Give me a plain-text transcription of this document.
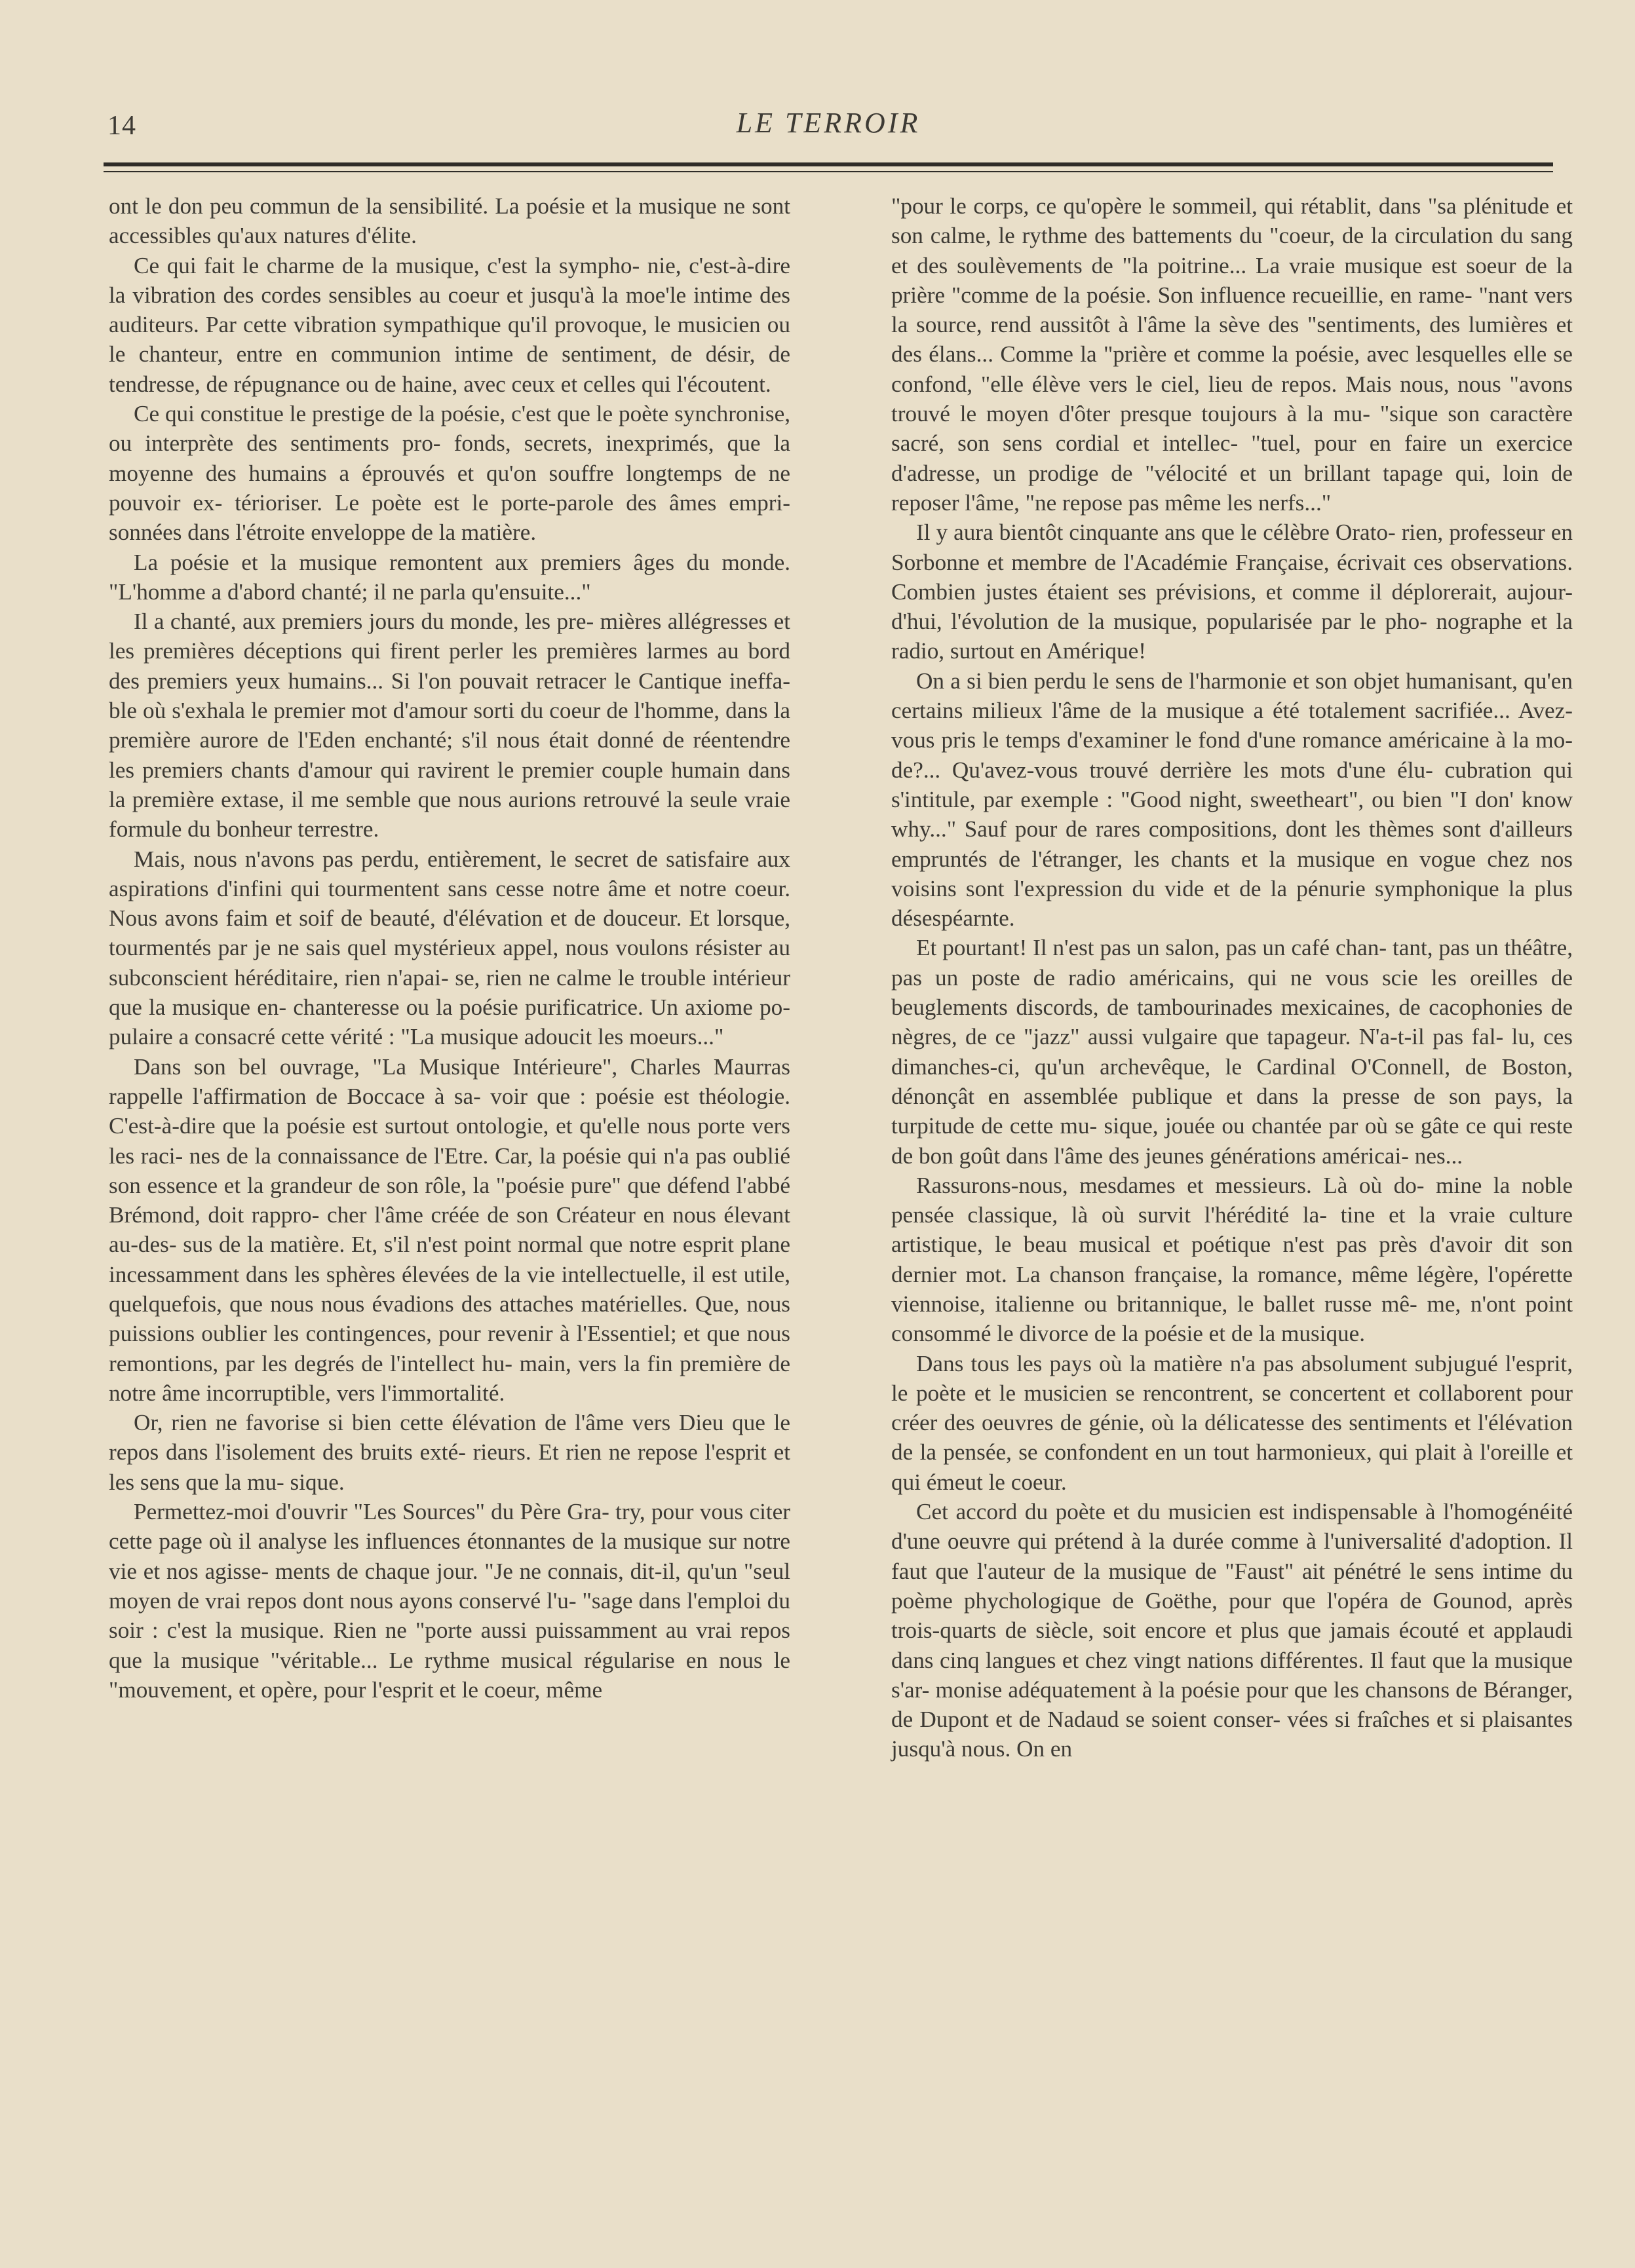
14	LE TERROIR

ont le don peu commun de la sensibilité. La poésie et la musique ne sont accessibles qu'aux natures d'élite.

Ce qui fait le charme de la musique, c'est la sympho- nie, c'est-à-dire la vibration des cordes sensibles au coeur et jusqu'à la moe'le intime des auditeurs. Par cette vibration sympathique qu'il provoque, le musicien ou le chanteur, entre en communion intime de sentiment, de désir, de tendresse, de répugnance ou de haine, avec ceux et celles qui l'écoutent.

Ce qui constitue le prestige de la poésie, c'est que le poète synchronise, ou interprète des sentiments pro- fonds, secrets, inexprimés, que la moyenne des humains a éprouvés et qu'on souffre longtemps de ne pouvoir ex- térioriser. Le poète est le porte-parole des âmes empri- sonnées dans l'étroite enveloppe de la matière.

La poésie et la musique remontent aux premiers âges du monde. "L'homme a d'abord chanté; il ne parla qu'ensuite..."

Il a chanté, aux premiers jours du monde, les pre- mières allégresses et les premières déceptions qui firent perler les premières larmes au bord des premiers yeux humains... Si l'on pouvait retracer le Cantique ineffa- ble où s'exhala le premier mot d'amour sorti du coeur de l'homme, dans la première aurore de l'Eden enchanté; s'il nous était donné de réentendre les premiers chants d'amour qui ravirent le premier couple humain dans la première extase, il me semble que nous aurions retrouvé la seule vraie formule du bonheur terrestre.

Mais, nous n'avons pas perdu, entièrement, le secret de satisfaire aux aspirations d'infini qui tourmentent sans cesse notre âme et notre coeur. Nous avons faim et soif de beauté, d'élévation et de douceur. Et lorsque, tourmentés par je ne sais quel mystérieux appel, nous voulons résister au subconscient héréditaire, rien n'apai- se, rien ne calme le trouble intérieur que la musique en- chanteresse ou la poésie purificatrice. Un axiome po- pulaire a consacré cette vérité : "La musique adoucit les moeurs..."

Dans son bel ouvrage, "La Musique Intérieure", Charles Maurras rappelle l'affirmation de Boccace à sa- voir que : poésie est théologie. C'est-à-dire que la poésie est surtout ontologie, et qu'elle nous porte vers les raci- nes de la connaissance de l'Etre. Car, la poésie qui n'a pas oublié son essence et la grandeur de son rôle, la "poésie pure" que défend l'abbé Brémond, doit rappro- cher l'âme créée de son Créateur en nous élevant au-des- sus de la matière. Et, s'il n'est point normal que notre esprit plane incessamment dans les sphères élevées de la vie intellectuelle, il est utile, quelquefois, que nous nous évadions des attaches matérielles. Que, nous puissions oublier les contingences, pour revenir à l'Essentiel; et que nous remontions, par les degrés de l'intellect hu- main, vers la fin première de notre âme incorruptible, vers l'immortalité.

Or, rien ne favorise si bien cette élévation de l'âme vers Dieu que le repos dans l'isolement des bruits exté- rieurs. Et rien ne repose l'esprit et les sens que la mu- sique.

Permettez-moi d'ouvrir "Les Sources" du Père Gra- try, pour vous citer cette page où il analyse les influences étonnantes de la musique sur notre vie et nos agisse- ments de chaque jour. "Je ne connais, dit-il, qu'un "seul moyen de vrai repos dont nous ayons conservé l'u- "sage dans l'emploi du soir : c'est la musique. Rien ne "porte aussi puissamment au vrai repos que la musique "véritable... Le rythme musical régularise en nous le "mouvement, et opère, pour l'esprit et le coeur, même

"pour le corps, ce qu'opère le sommeil, qui rétablit, dans "sa plénitude et son calme, le rythme des battements du "coeur, de la circulation du sang et des soulèvements de "la poitrine... La vraie musique est soeur de la prière "comme de la poésie. Son influence recueillie, en rame- "nant vers la source, rend aussitôt à l'âme la sève des "sentiments, des lumières et des élans... Comme la "prière et comme la poésie, avec lesquelles elle se confond, "elle élève vers le ciel, lieu de repos. Mais nous, nous "avons trouvé le moyen d'ôter presque toujours à la mu- "sique son caractère sacré, son sens cordial et intellec- "tuel, pour en faire un exercice d'adresse, un prodige de "vélocité et un brillant tapage qui, loin de reposer l'âme, "ne repose pas même les nerfs..."

Il y aura bientôt cinquante ans que le célèbre Orato- rien, professeur en Sorbonne et membre de l'Académie Française, écrivait ces observations. Combien justes étaient ses prévisions, et comme il déplorerait, aujour- d'hui, l'évolution de la musique, popularisée par le pho- nographe et la radio, surtout en Amérique!

On a si bien perdu le sens de l'harmonie et son objet humanisant, qu'en certains milieux l'âme de la musique a été totalement sacrifiée... Avez-vous pris le temps d'examiner le fond d'une romance américaine à la mo- de?... Qu'avez-vous trouvé derrière les mots d'une élu- cubration qui s'intitule, par exemple : "Good night, sweetheart", ou bien "I don' know why..." Sauf pour de rares compositions, dont les thèmes sont d'ailleurs empruntés de l'étranger, les chants et la musique en vogue chez nos voisins sont l'expression du vide et de la pénurie symphonique la plus désespéarnte.

Et pourtant! Il n'est pas un salon, pas un café chan- tant, pas un théâtre, pas un poste de radio américains, qui ne vous scie les oreilles de beuglements discords, de tambourinades mexicaines, de cacophonies de nègres, de ce "jazz" aussi vulgaire que tapageur. N'a-t-il pas fal- lu, ces dimanches-ci, qu'un archevêque, le Cardinal O'Connell, de Boston, dénonçât en assemblée publique et dans la presse de son pays, la turpitude de cette mu- sique, jouée ou chantée par où se gâte ce qui reste de bon goût dans l'âme des jeunes générations américai- nes...

Rassurons-nous, mesdames et messieurs. Là où do- mine la noble pensée classique, là où survit l'hérédité la- tine et la vraie culture artistique, le beau musical et poétique n'est pas près d'avoir dit son dernier mot. La chanson française, la romance, même légère, l'opérette viennoise, italienne ou britannique, le ballet russe mê- me, n'ont point consommé le divorce de la poésie et de la musique.

Dans tous les pays où la matière n'a pas absolument subjugué l'esprit, le poète et le musicien se rencontrent, se concertent et collaborent pour créer des oeuvres de génie, où la délicatesse des sentiments et l'élévation de la pensée, se confondent en un tout harmonieux, qui plait à l'oreille et qui émeut le coeur.

Cet accord du poète et du musicien est indispensable à l'homogénéité d'une oeuvre qui prétend à la durée comme à l'universalité d'adoption. Il faut que l'auteur de la musique de "Faust" ait pénétré le sens intime du poème phychologique de Goëthe, pour que l'opéra de Gounod, après trois-quarts de siècle, soit encore et plus que jamais écouté et applaudi dans cinq langues et chez vingt nations différentes. Il faut que la musique s'ar- monise adéquatement à la poésie pour que les chansons de Béranger, de Dupont et de Nadaud se soient conser- vées si fraîches et si plaisantes jusqu'à nous. On en
